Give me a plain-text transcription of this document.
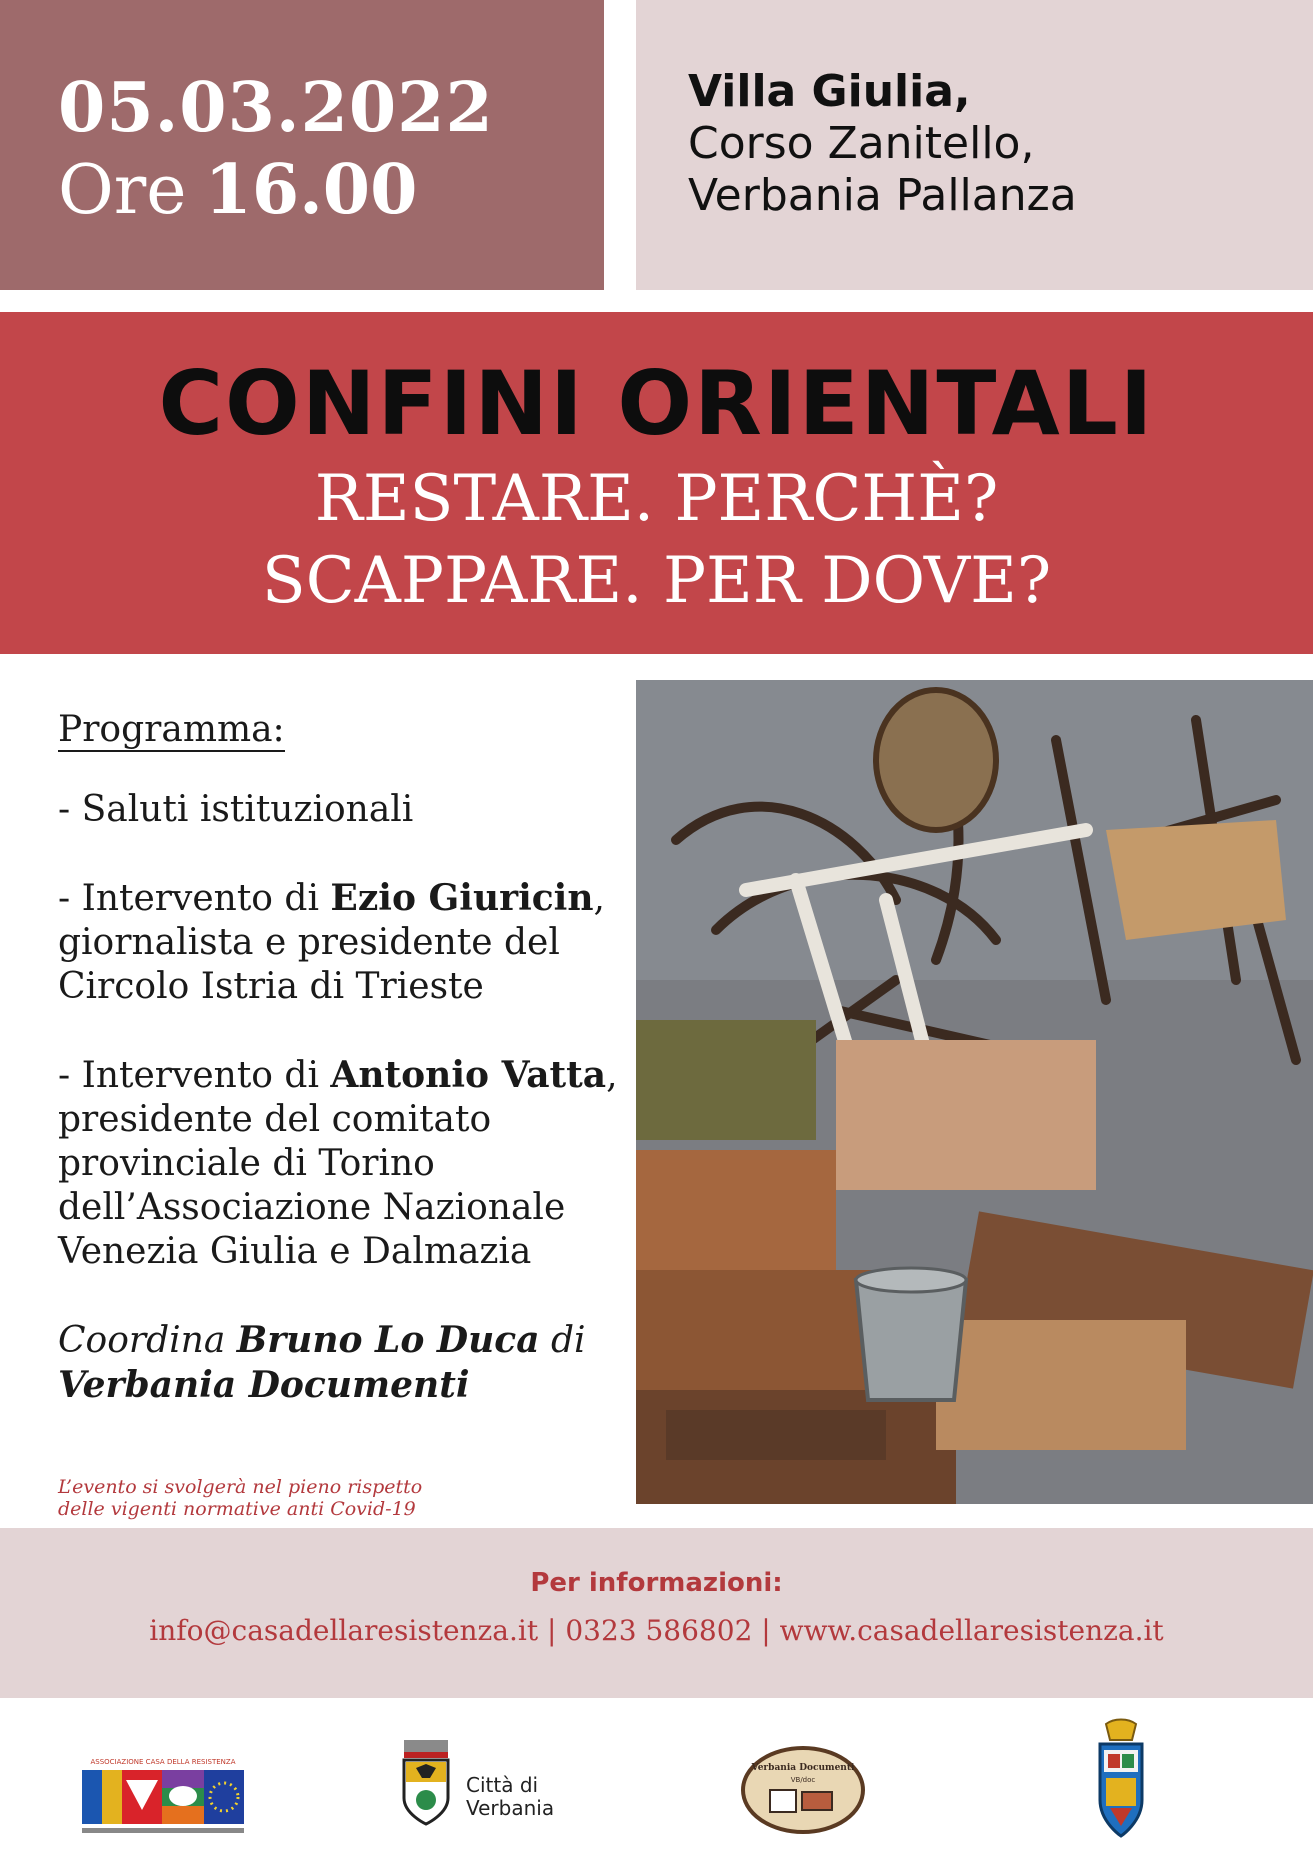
05.03.2022
Ore 16.00
Villa Giulia,
Corso Zanitello,
Verbania Pallanza
CONFINI ORIENTALI
RESTARE. PERCHÈ?
SCAPPARE. PER DOVE?

Programma:

- Saluti istituzionali

- Intervento di Ezio Giuricin, giornalista e presidente del Circolo Istria di Trieste

- Intervento di Antonio Vatta, presidente del comitato provinciale di Torino dell’Associazione Nazionale Venezia Giulia e Dalmazia

Coordina Bruno Lo Duca di Verbania Documenti

L’evento si svolgerà nel pieno rispetto
delle vigenti normative anti Covid-19
Per informazioni:
info@casadellaresistenza.it | 0323 586802 | www.casadellaresistenza.it
ASSOCIAZIONE CASA DELLA RESISTENZA
Città di
Verbania
Verbania Documenti
VB/doc
